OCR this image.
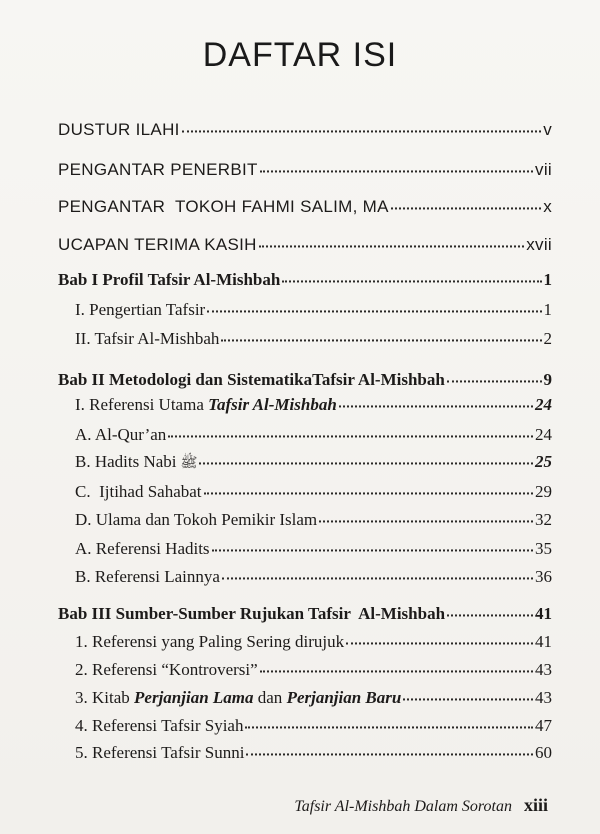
DAFTAR ISI
DUSTUR ILAHI	v
PENGANTAR PENERBIT	vii
PENGANTAR  TOKOH FAHMI SALIM, MA	x
UCAPAN TERIMA KASIH	xvii
Bab I Profil Tafsir Al-Mishbah	1
I. Pengertian Tafsir	1
II. Tafsir Al-Mishbah	2
Bab II Metodologi dan SistematikaTafsir Al-Mishbah	9
I. Referensi Utama Tafsir Al-Mishbah	24
A. Al-Qur’an	24
B. Hadits Nabi ﷺ	25
C.  Ijtihad Sahabat	29
D. Ulama dan Tokoh Pemikir Islam	32
A. Referensi Hadits	35
B. Referensi Lainnya	36
Bab III Sumber-Sumber Rujukan Tafsir  Al-Mishbah	41
1. Referensi yang Paling Sering dirujuk	41
2. Referensi “Kontroversi”	43
3. Kitab Perjanjian Lama dan Perjanjian Baru	43
4. Referensi Tafsir Syiah	47
5. Referensi Tafsir Sunni	60
Tafsir Al-Mishbah Dalam Sorotan xiii
